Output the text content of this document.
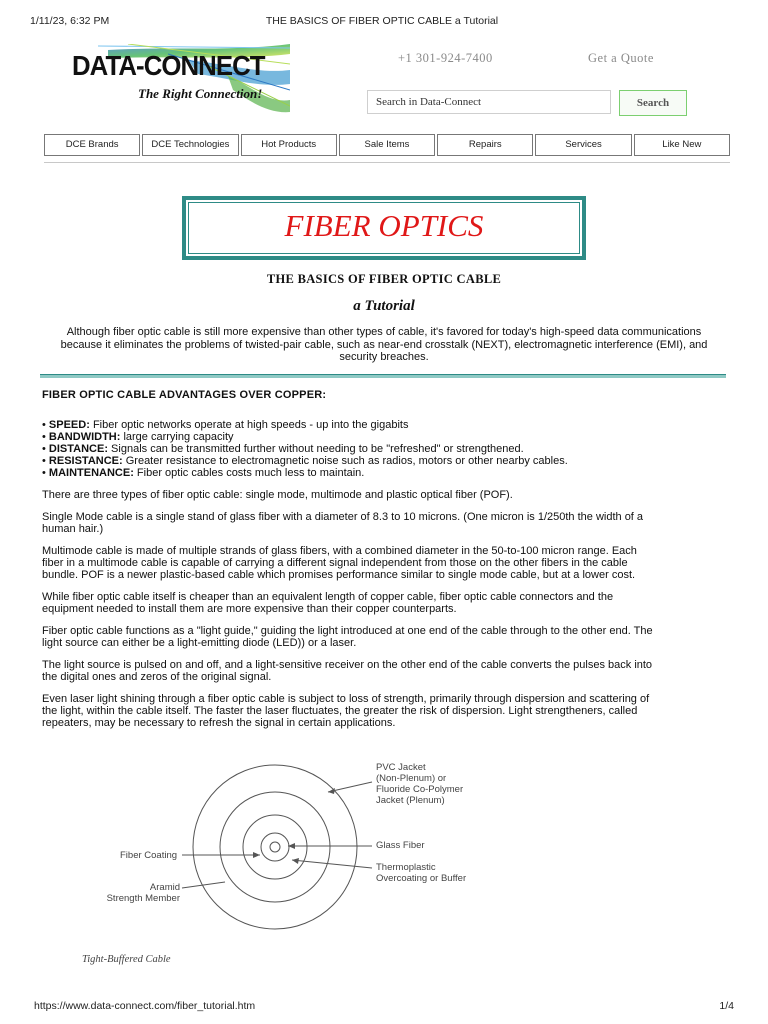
1/11/23, 6:32 PM	THE BASICS OF FIBER OPTIC CABLE a Tutorial
DATA-CONNECT
The Right Connection!
+1 301-924-7400	Get a Quote
Search in Data-Connect	Search
DCE Brands	DCE Technologies	Hot Products	Sale Items	Repairs	Services	Like New
FIBER OPTICS
THE BASICS OF FIBER OPTIC CABLE
a Tutorial
Although fiber optic cable is still more expensive than other types of cable, it's favored for today's high-speed data communications because it eliminates the problems of twisted-pair cable, such as near-end crosstalk (NEXT), electromagnetic interference (EMI), and security breaches.

FIBER OPTIC CABLE ADVANTAGES OVER COPPER:

• SPEED: Fiber optic networks operate at high speeds - up into the gigabits
• BANDWIDTH: large carrying capacity
• DISTANCE: Signals can be transmitted further without needing to be "refreshed" or strengthened.
• RESISTANCE: Greater resistance to electromagnetic noise such as radios, motors or other nearby cables.
• MAINTENANCE: Fiber optic cables costs much less to maintain.

There are three types of fiber optic cable: single mode, multimode and plastic optical fiber (POF).

Single Mode cable is a single stand of glass fiber with a diameter of 8.3 to 10 microns. (One micron is 1/250th the width of a human hair.)

Multimode cable is made of multiple strands of glass fibers, with a combined diameter in the 50-to-100 micron range. Each fiber in a multimode cable is capable of carrying a different signal independent from those on the other fibers in the cable bundle. POF is a newer plastic-based cable which promises performance similar to single mode cable, but at a lower cost.

While fiber optic cable itself is cheaper than an equivalent length of copper cable, fiber optic cable connectors and the equipment needed to install them are more expensive than their copper counterparts.

Fiber optic cable functions as a "light guide," guiding the light introduced at one end of the cable through to the other end. The light source can either be a light-emitting diode (LED)) or a laser.

The light source is pulsed on and off, and a light-sensitive receiver on the other end of the cable converts the pulses back into the digital ones and zeros of the original signal.

Even laser light shining through a fiber optic cable is subject to loss of strength, primarily through dispersion and scattering of the light, within the cable itself. The faster the laser fluctuates, the greater the risk of dispersion. Light strengtheners, called repeaters, may be necessary to refresh the signal in certain applications.

PVC Jacket
(Non-Plenum) or
Fluoride Co-Polymer
Jacket (Plenum)
Glass Fiber
Thermoplastic
Overcoating or Buffer
Fiber Coating
Aramid
Strength Member
Tight-Buffered Cable
https://www.data-connect.com/fiber_tutorial.htm	1/4
